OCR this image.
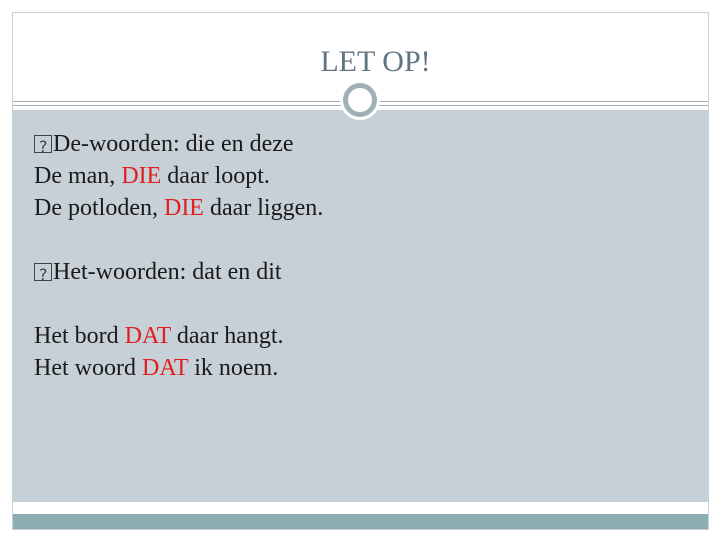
LET OP!
?De-woorden: die en deze
De man, DIE daar loopt.
De potloden, DIE daar liggen.
?Het-woorden: dat en dit
Het bord DAT daar hangt.
Het woord DAT ik noem.
